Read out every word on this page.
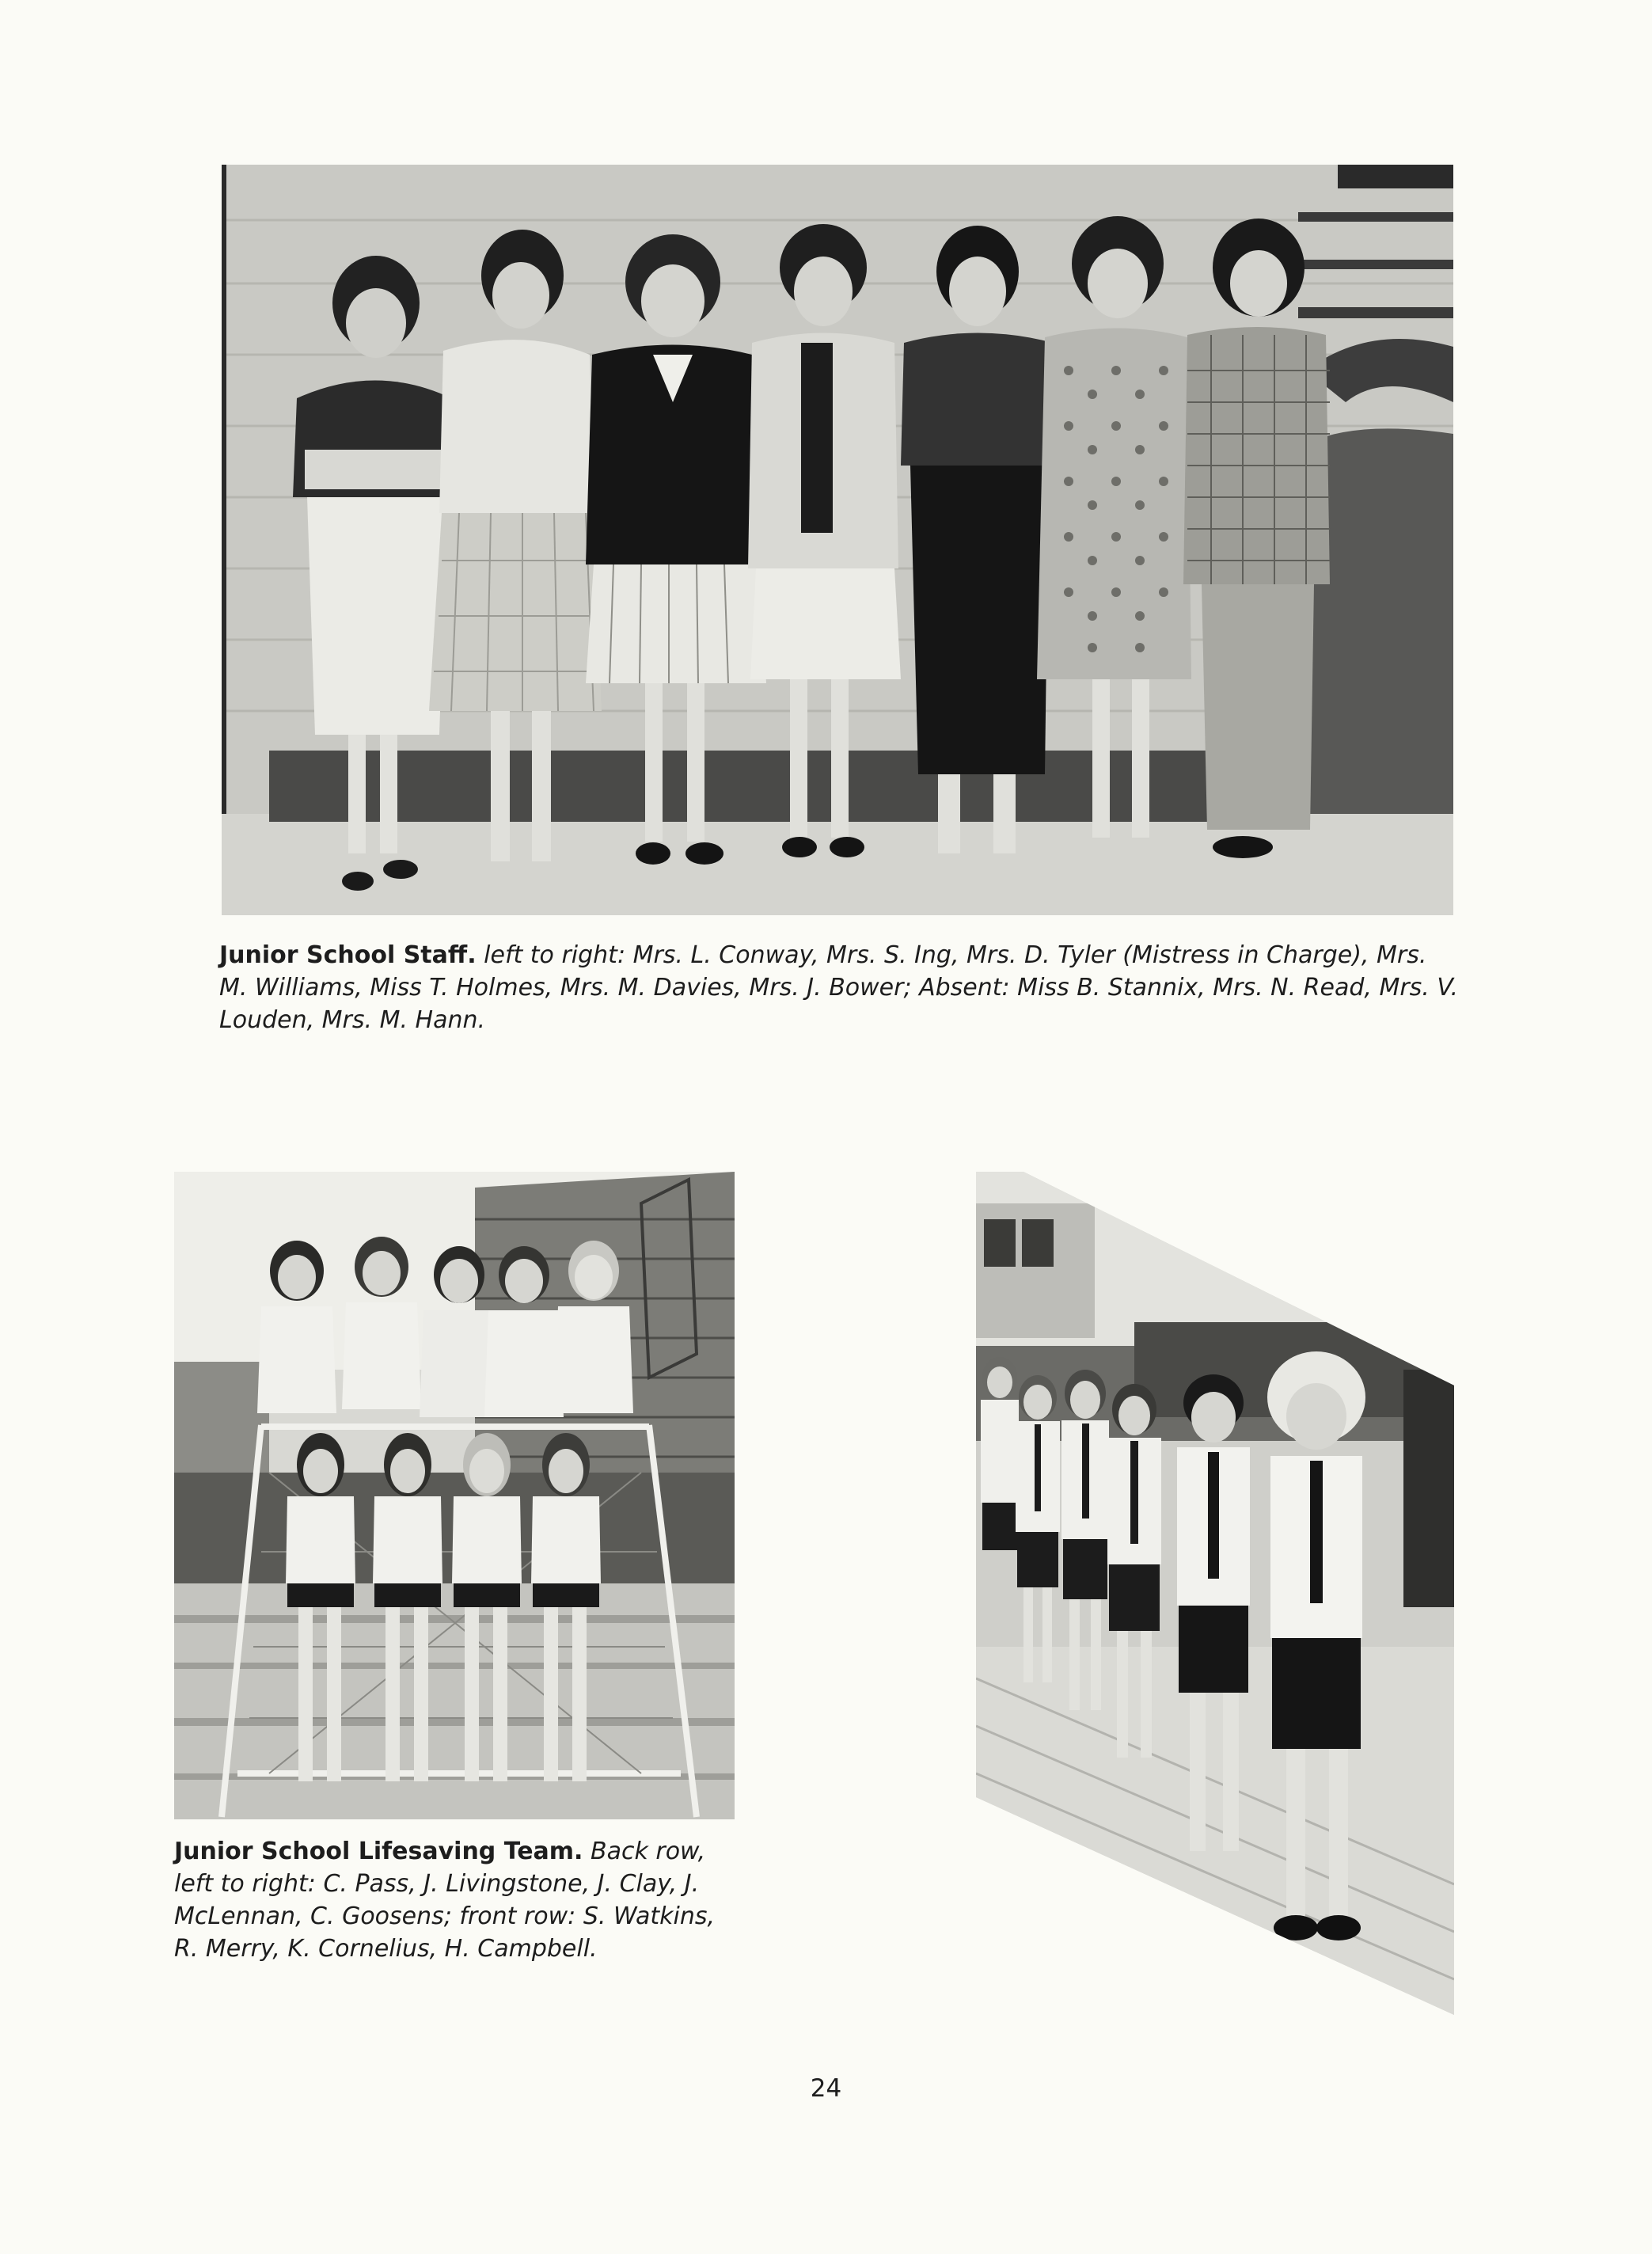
Junior School Staff. left to right: Mrs. L. Conway, Mrs. S. Ing, Mrs. D. Tyler (Mistress in Charge), Mrs. M. Williams, Miss T. Holmes, Mrs. M. Davies, Mrs. J. Bower; Absent: Miss B. Stannix, Mrs. N. Read, Mrs. V. Louden, Mrs. M. Hann.
Junior School Lifesaving Team. Back row, left to right: C. Pass, J. Livingstone, J. Clay, J. McLennan, C. Goosens; front row: S. Watkins, R. Merry, K. Cornelius, H. Campbell.
24
